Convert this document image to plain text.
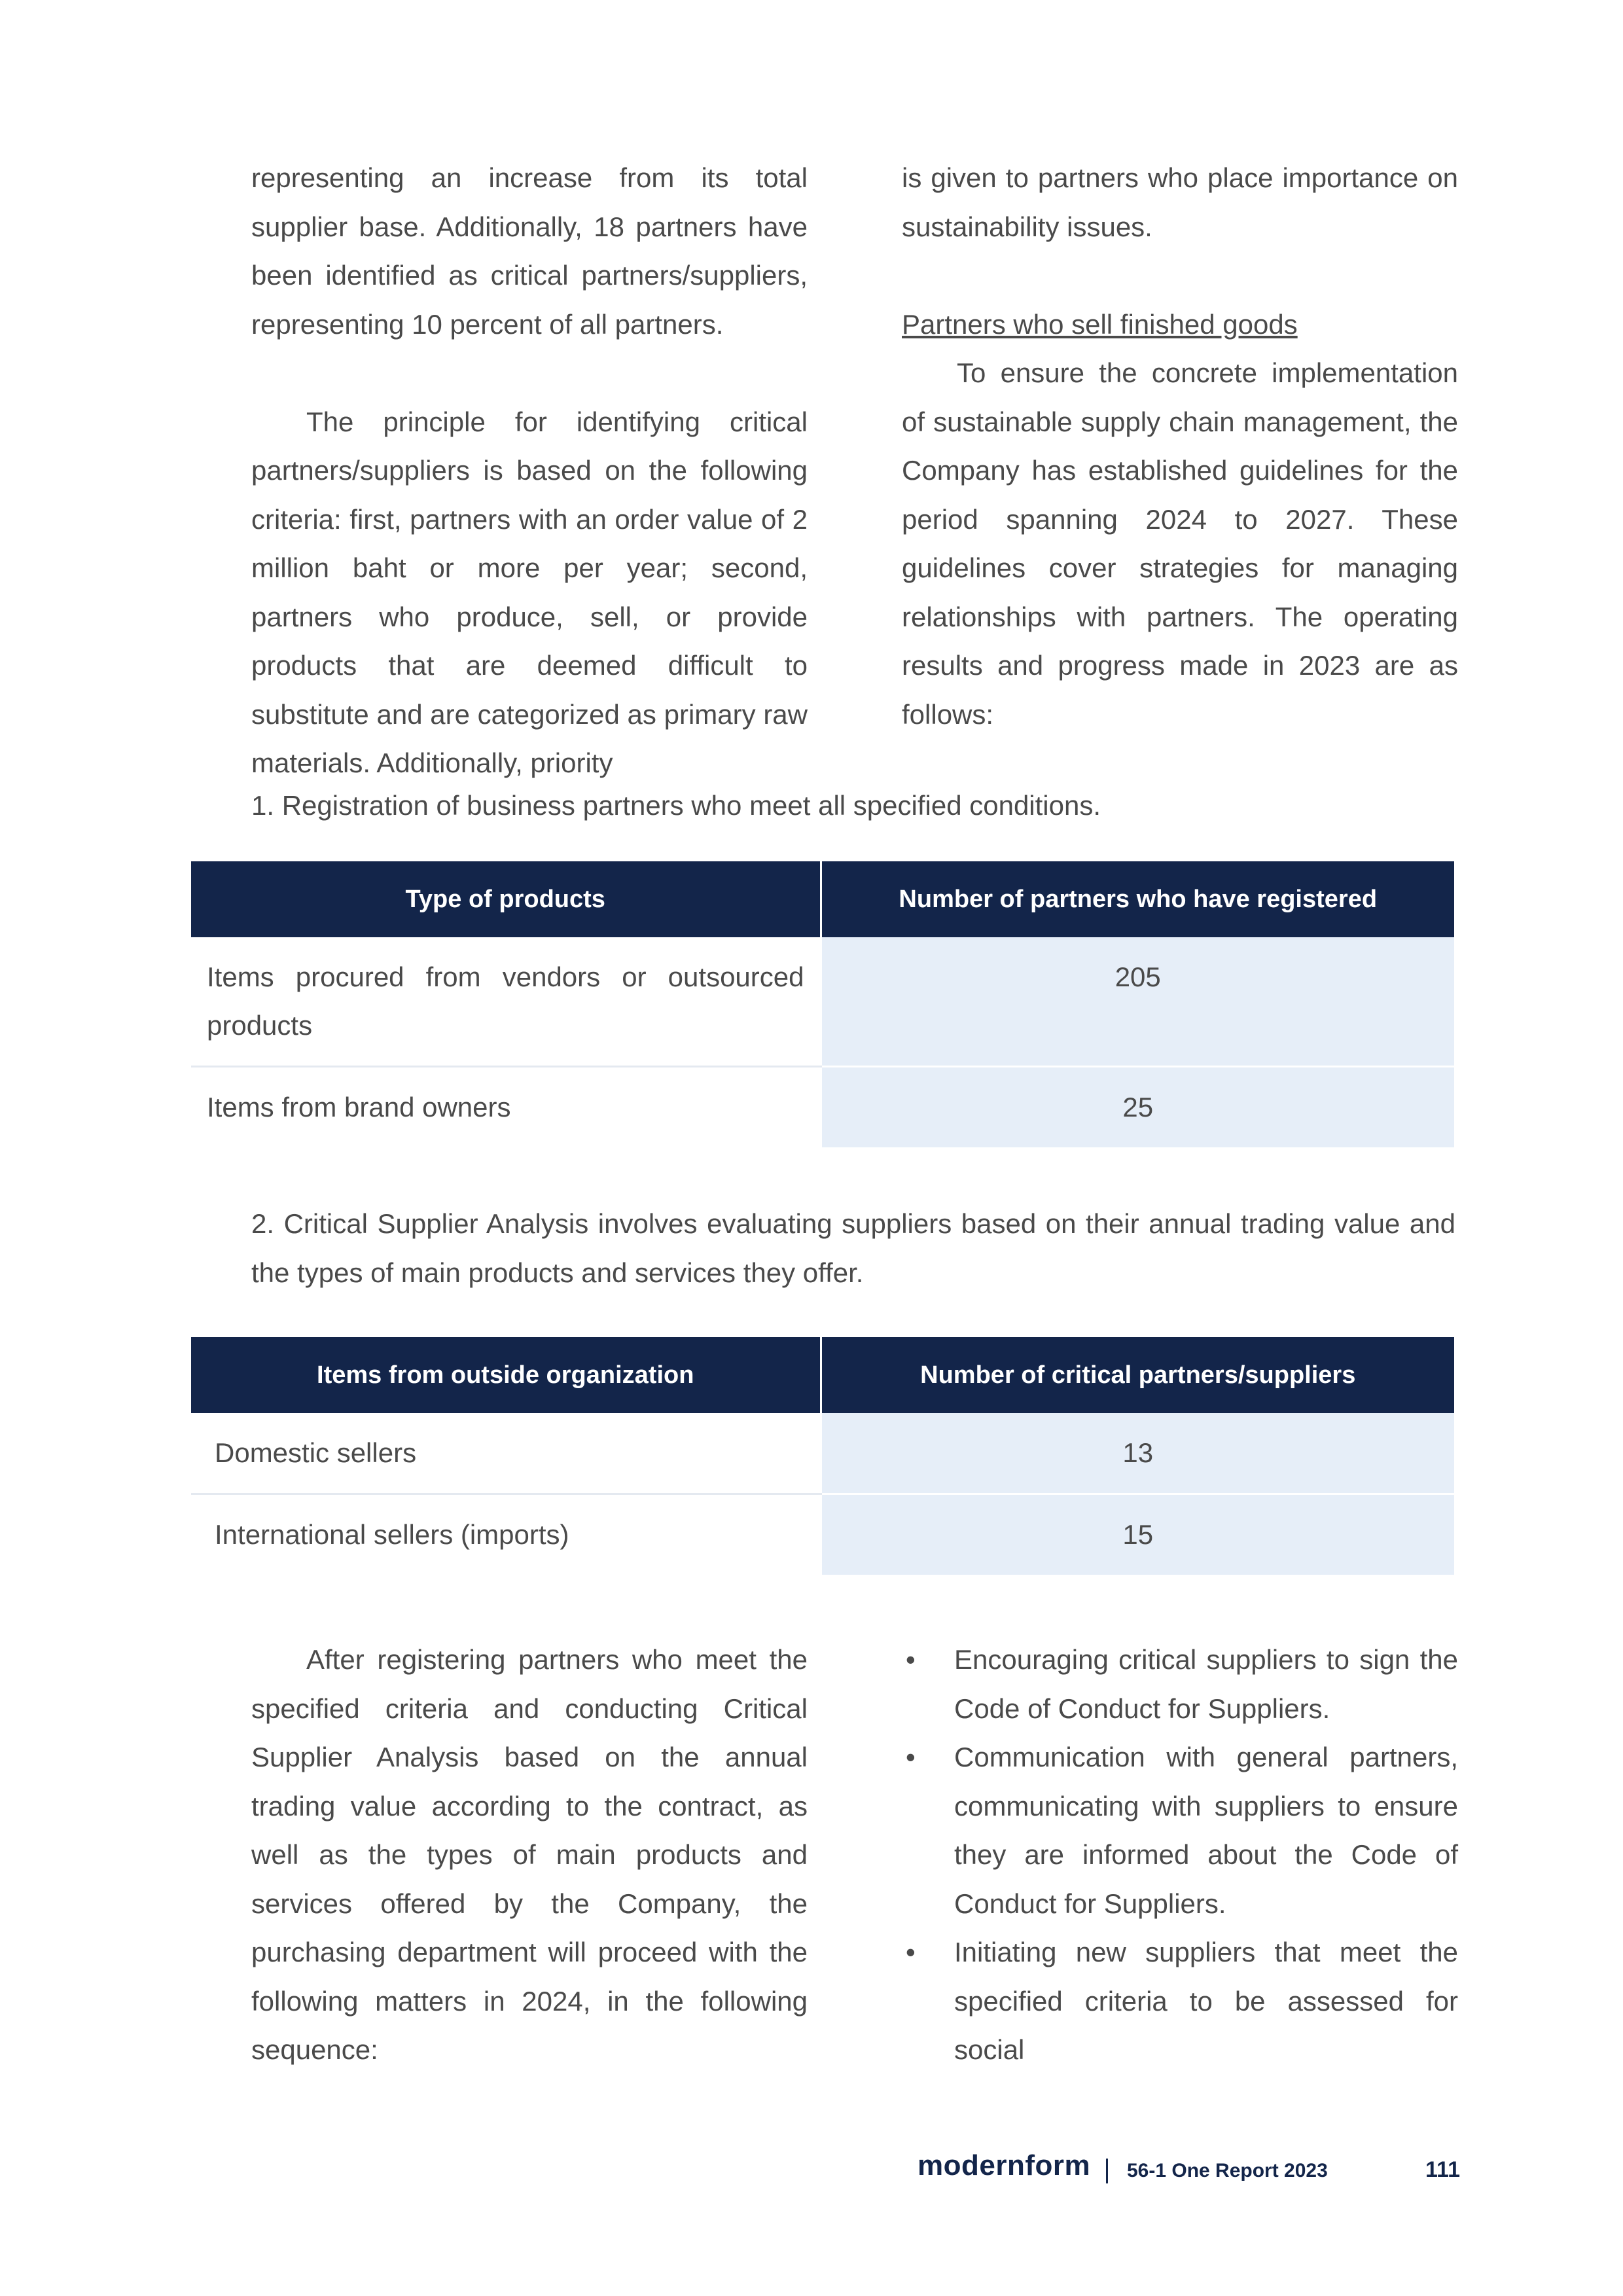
representing an increase from its total supplier base. Additionally, 18 partners have been identified as critical partners/suppliers, representing 10 percent of all partners.

The principle for identifying critical partners/suppliers is based on the following criteria: first, partners with an order value of 2 million baht or more per year; second, partners who produce, sell, or provide products that are deemed difficult to substitute and are categorized as primary raw materials. Additionally, priority

is given to partners who place importance on sustainability issues.

Partners who sell finished goods

To ensure the concrete implementation of sustainable supply chain management, the Company has established guidelines for the period spanning 2024 to 2027. These guidelines cover strategies for managing relationships with partners. The operating results and progress made in 2023 are as follows:

1. Registration of business partners who meet all specified conditions.
Type of products	Number of partners who have registered

Items procured from vendors or outsourced products	205

Items from brand owners	25
2. Critical Supplier Analysis involves evaluating suppliers based on their annual trading value and the types of main products and services they offer.
Items from outside organization	Number of critical partners/suppliers

Domestic sellers	13

International sellers (imports)	15

After registering partners who meet the specified criteria and conducting Critical Supplier Analysis based on the annual trading value according to the contract, as well as the types of main products and services offered by the Company, the purchasing department will proceed with the following matters in 2024, in the following sequence:

• Encouraging critical suppliers to sign the Code of Conduct for Suppliers.
• Communication with general partners, communicating with suppliers to ensure they are informed about the Code of Conduct for Suppliers.
• Initiating new suppliers that meet the specified criteria to be assessed for social
modernform 56-1 One Report 2023	111
